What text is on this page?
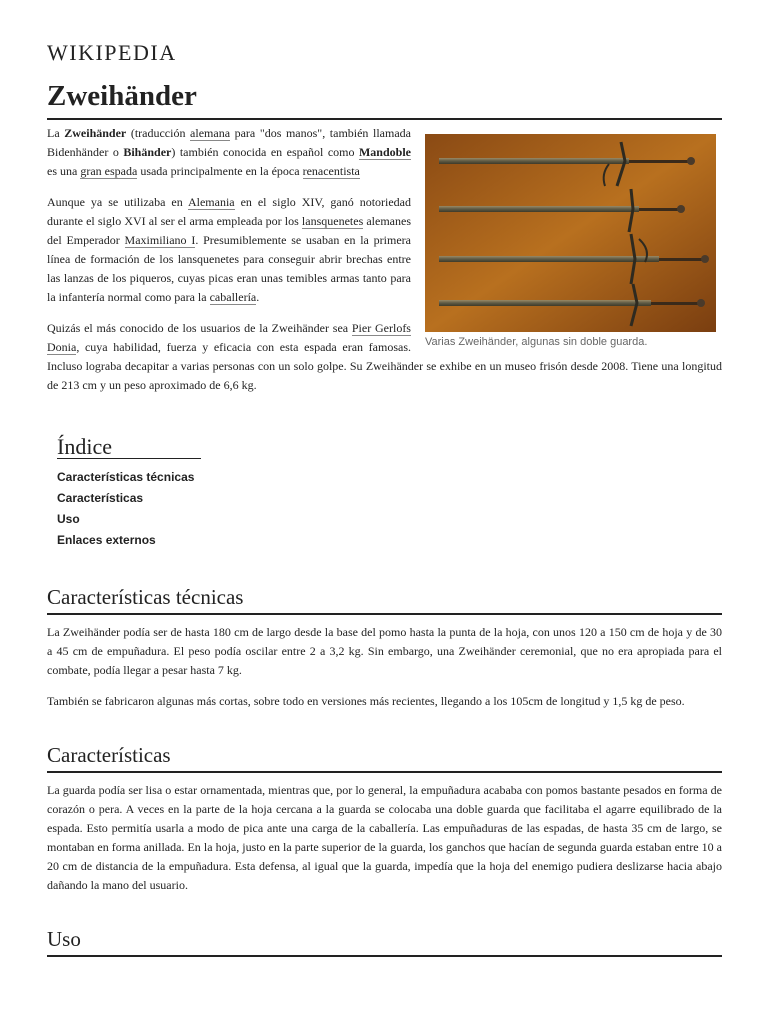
WIKIPEDIA
Zweihänder
Varias Zweihänder, algunas sin doble guarda.

La Zweihänder (traducción alemana para "dos manos", también llamada Bidenhänder o Bihänder) también conocida en español como Mandoble es una gran espada usada principalmente en la época renacentista

Aunque ya se utilizaba en Alemania en el siglo XIV, ganó notoriedad durante el siglo XVI al ser el arma empleada por los lansquenetes alemanes del Emperador Maximiliano I. Presumiblemente se usaban en la primera línea de formación de los lansquenetes para conseguir abrir brechas entre las lanzas de los piqueros, cuyas picas eran unas temibles armas tanto para la infantería normal como para la caballería.

Quizás el más conocido de los usuarios de la Zweihänder sea Pier Gerlofs Donia, cuya habilidad, fuerza y eficacia con esta espada eran famosas. Incluso lograba decapitar a varias personas con un solo golpe. Su Zweihänder se exhibe en un museo frisón desde 2008. Tiene una longitud de 213 cm y un peso aproximado de 6,6 kg.

Índice
Características técnicas
Características
Uso
Enlaces externos
Características técnicas

La Zweihänder podía ser de hasta 180 cm de largo desde la base del pomo hasta la punta de la hoja, con unos 120 a 150 cm de hoja y de 30 a 45 cm de empuñadura. El peso podía oscilar entre 2 a 3,2 kg. Sin embargo, una Zweihänder ceremonial, que no era apropiada para el combate, podía llegar a pesar hasta 7 kg.

También se fabricaron algunas más cortas, sobre todo en versiones más recientes, llegando a los 105cm de longitud y 1,5 kg de peso.

Características

La guarda podía ser lisa o estar ornamentada, mientras que, por lo general, la empuñadura acababa con pomos bastante pesados en forma de corazón o pera. A veces en la parte de la hoja cercana a la guarda se colocaba una doble guarda que facilitaba el agarre equilibrado de la espada. Esto permitía usarla a modo de pica ante una carga de la caballería. Las empuñaduras de las espadas, de hasta 35 cm de largo, se montaban en forma anillada. En la hoja, justo en la parte superior de la guarda, los ganchos que hacían de segunda guarda estaban entre 10 a 20 cm de distancia de la empuñadura. Esta defensa, al igual que la guarda, impedía que la hoja del enemigo pudiera deslizarse hacia abajo dañando la mano del usuario.

Uso
